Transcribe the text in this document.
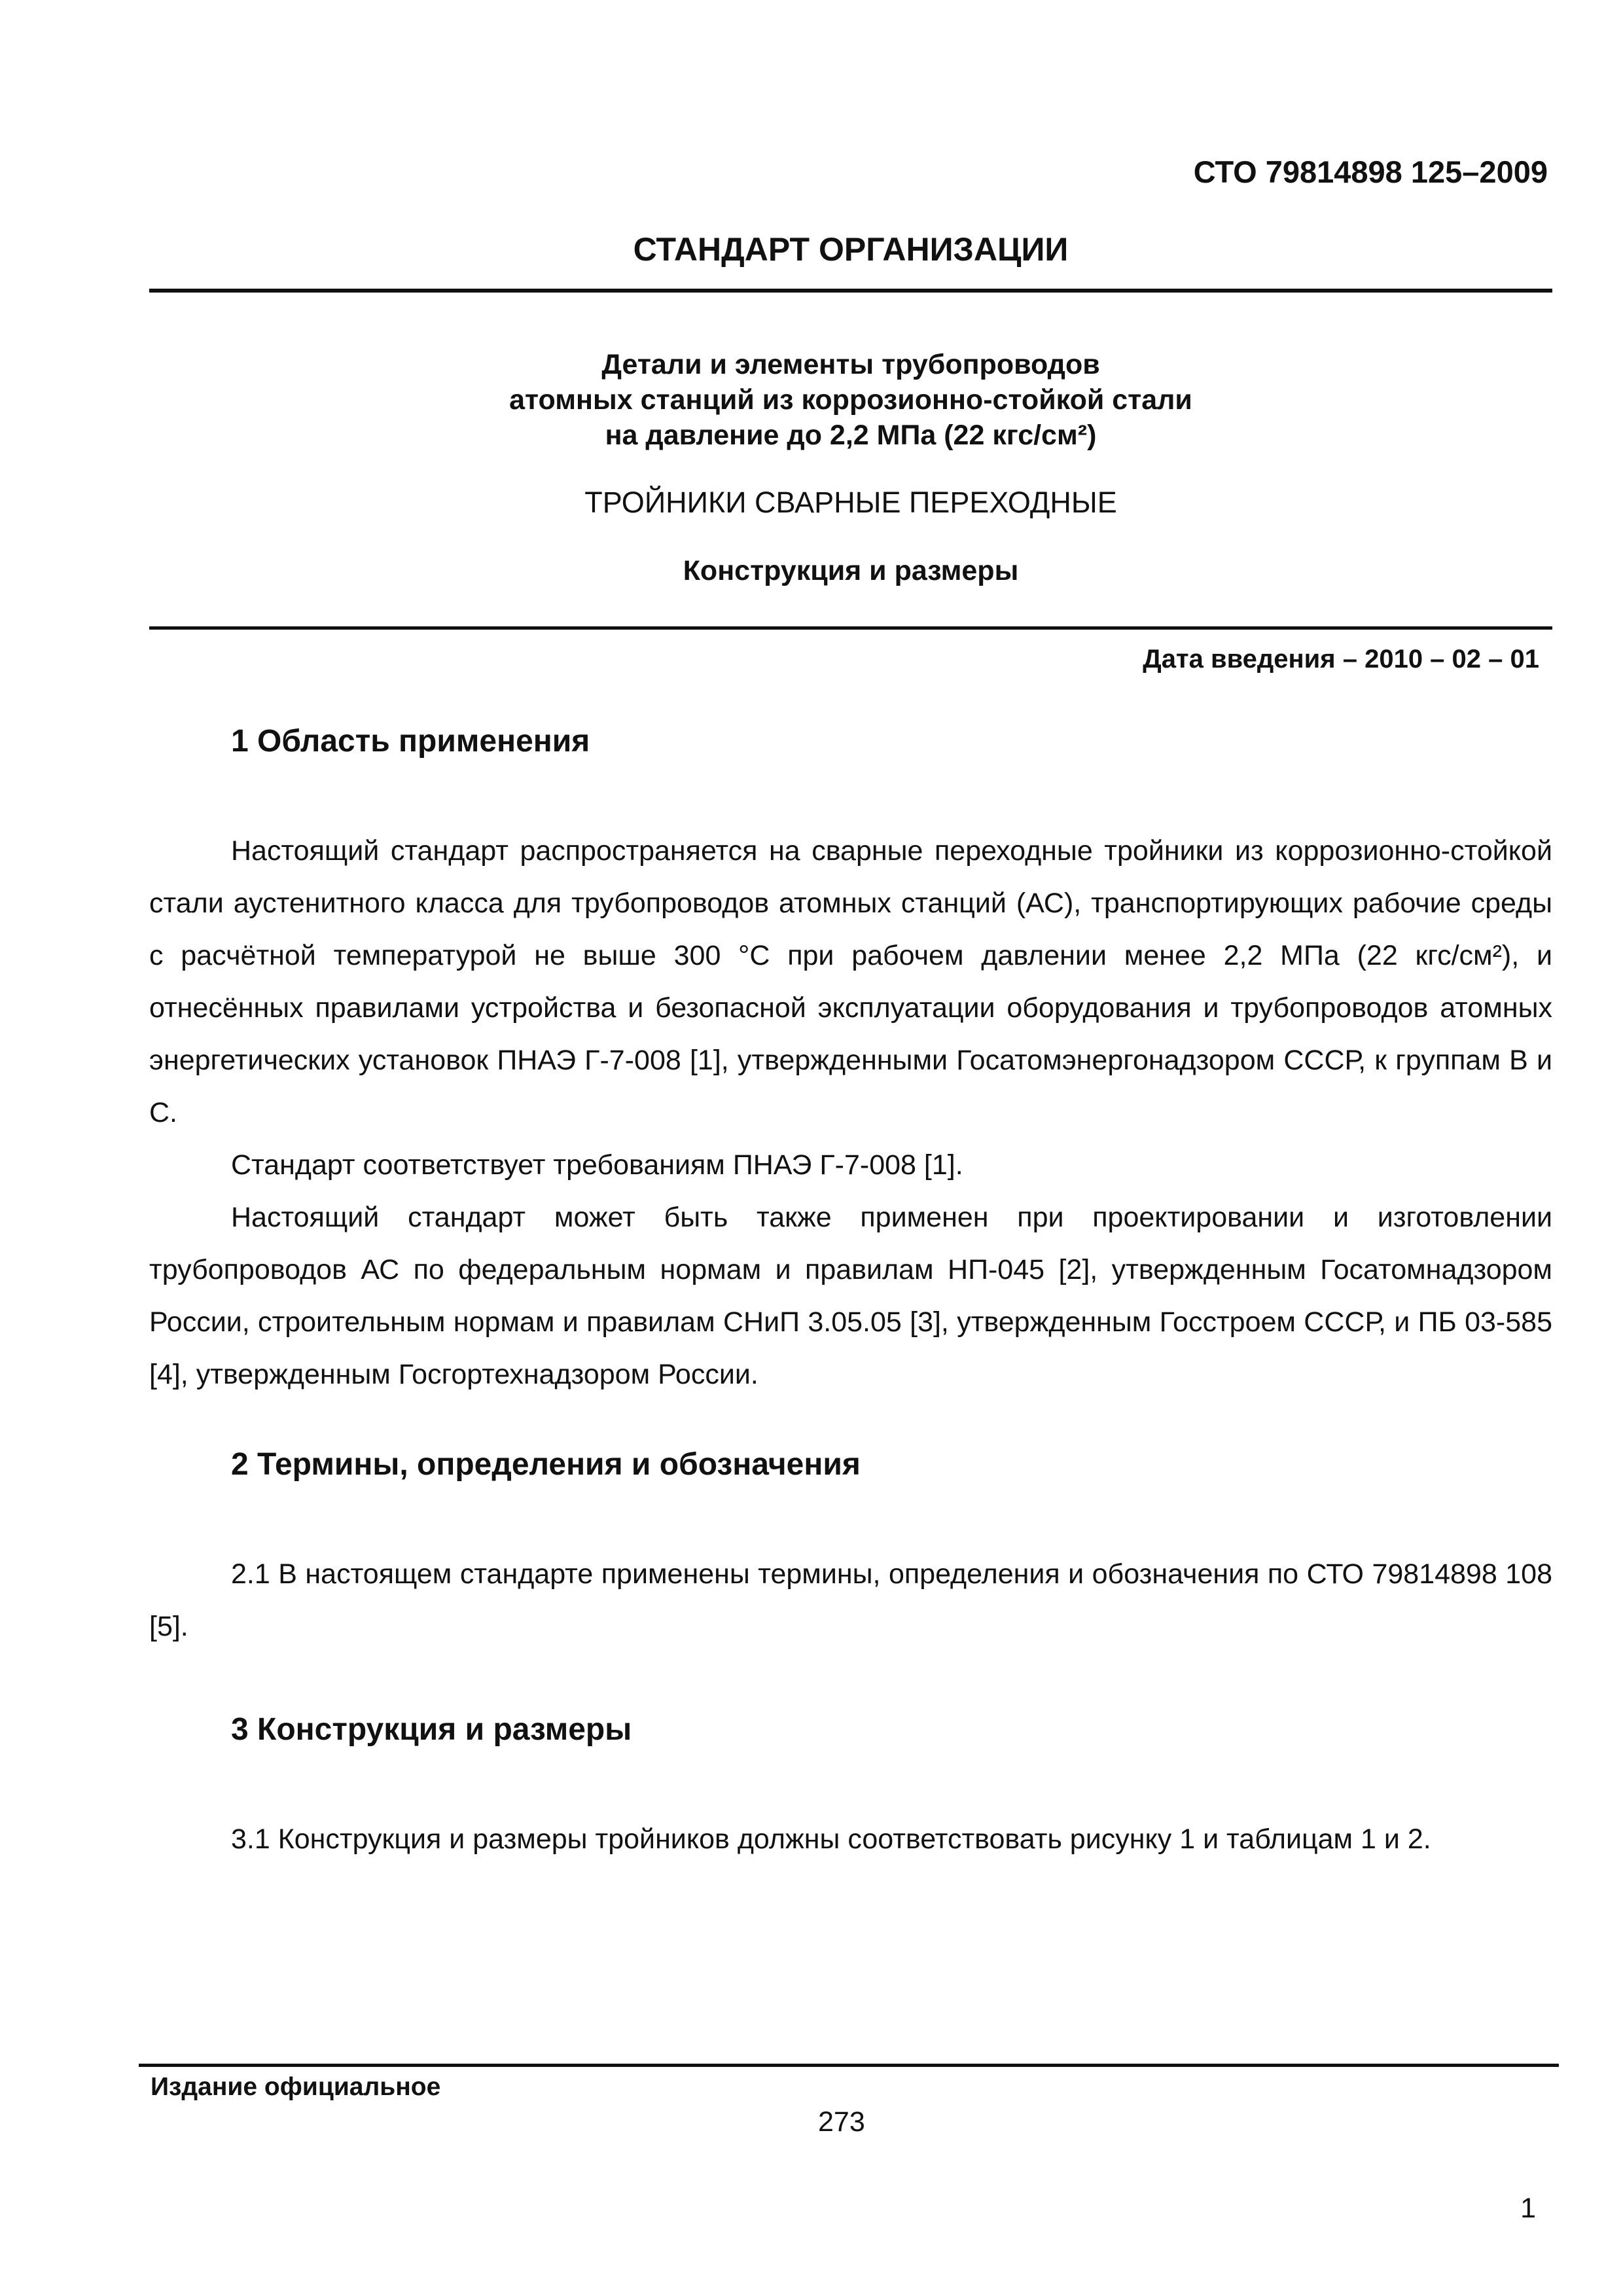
СТО 79814898 125–2009
СТАНДАРТ ОРГАНИЗАЦИИ
Детали и элементы трубопроводов
атомных станций из коррозионно-стойкой стали
на давление до 2,2 МПа (22 кгс/см²)
ТРОЙНИКИ СВАРНЫЕ ПЕРЕХОДНЫЕ
Конструкция и размеры
Дата введения – 2010 – 02 – 01
1 Область применения

Настоящий стандарт распространяется на сварные переходные тройники из коррозионно-стойкой стали аустенитного класса для трубопроводов атомных станций (АС), транспортирующих рабочие среды с расчётной температурой не выше 300 °С при рабочем давлении менее 2,2 МПа (22 кгс/см²), и отнесённых правилами устройства и безопасной эксплуатации оборудования и трубопроводов атомных энергетических установок ПНАЭ Г-7-008 [1], утвержденными Госатомэнергонадзором СССР, к группам В и С.

Стандарт соответствует требованиям ПНАЭ Г-7-008 [1].

Настоящий стандарт может быть также применен при проектировании и изготовлении трубопроводов АС по федеральным нормам и правилам НП-045 [2], утвержденным Госатомнадзором России, строительным нормам и правилам СНиП 3.05.05 [3], утвержденным Госстроем СССР, и ПБ 03-585 [4], утвержденным Госгортехнадзором России.

2 Термины, определения и обозначения

2.1 В настоящем стандарте применены термины, определения и обозначения по СТО 79814898 108 [5].

3 Конструкция и размеры

3.1 Конструкция и размеры тройников должны соответствовать рисунку 1 и таблицам 1 и 2.

Издание официальное
273
1
